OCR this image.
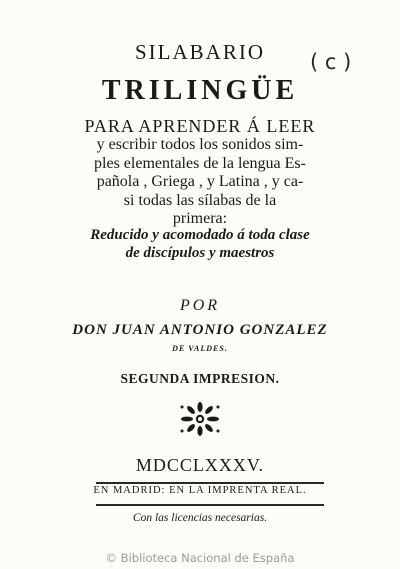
SILABARIO
TRILINGÜE
PARA APRENDER Á LEER
y escribir todos los sonidos sim-
ples elementales de la lengua Es-
pañola , Griega , y Latina , y ca-
si todas las sílabas de la
primera:
Reducido y acomodado á toda clase
de discípulos y maestros
POR
DON JUAN ANTONIO GONZALEZ
DE VALDES.
SEGUNDA IMPRESION.
MDCCLXXXV.
EN MADRID: EN LA IMPRENTA REAL.
Con las licencias necesarias.
( c )
© Biblioteca Nacional de España
